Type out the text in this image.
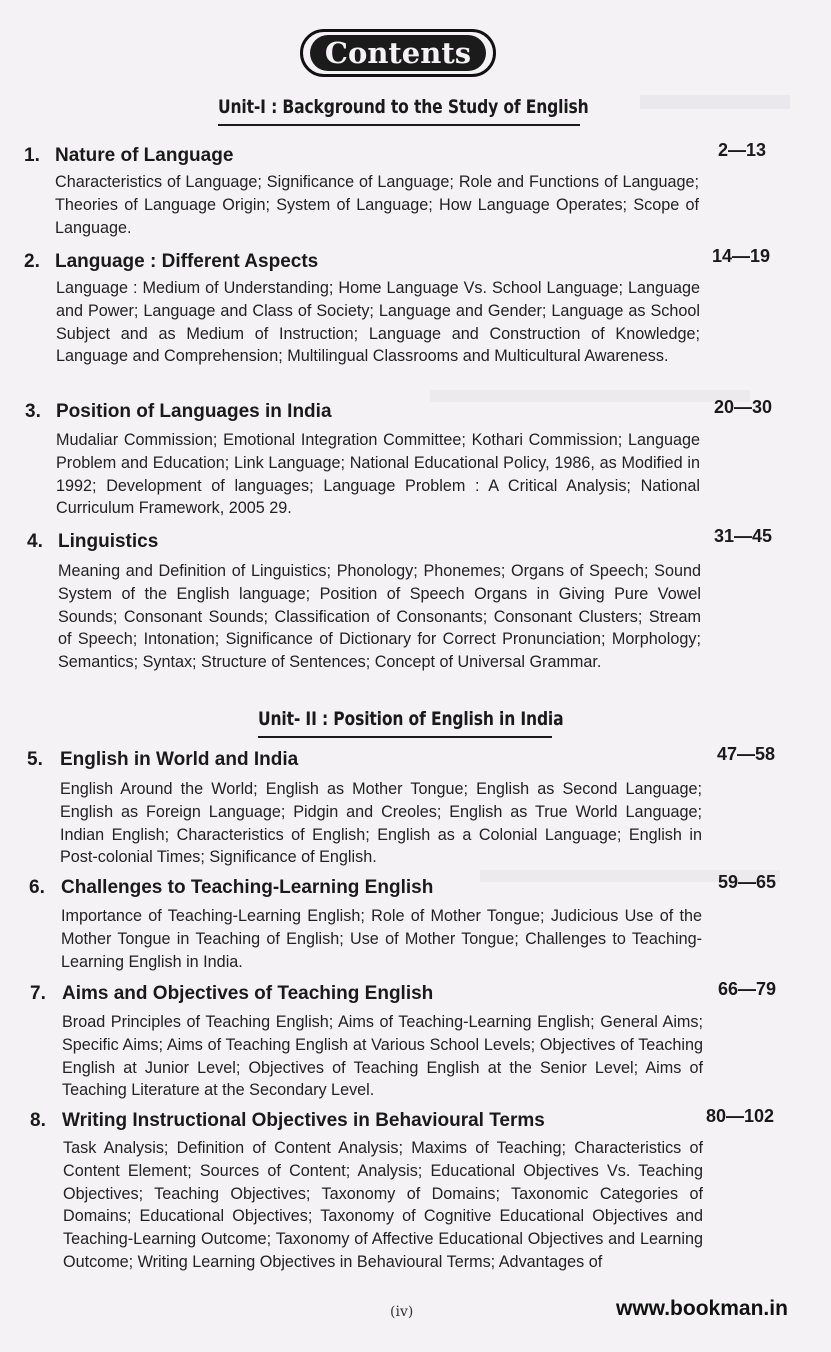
Contents
Unit-I : Background to the Study of English
1. Nature of Language	2—13
Characteristics of Language; Significance of Language; Role and Functions of Language; Theories of Language Origin; System of Language; How Language Operates; Scope of Language.
2. Language : Different Aspects	14—19
Language : Medium of Understanding; Home Language Vs. School Language; Language and Power; Language and Class of Society; Language and Gender; Language as School Subject and as Medium of Instruction; Language and Construction of Knowledge; Language and Comprehension; Multilingual Classrooms and Multicultural Awareness.
3. Position of Languages in India	20—30
Mudaliar Commission; Emotional Integration Committee; Kothari Commission; Language Problem and Education; Link Language; National Educational Policy, 1986, as Modified in 1992; Development of languages; Language Problem : A Critical Analysis; National Curriculum Framework, 2005 29.
4. Linguistics	31—45
Meaning and Definition of Linguistics; Phonology; Phonemes; Organs of Speech; Sound System of the English language; Position of Speech Organs in Giving Pure Vowel Sounds; Consonant Sounds; Classification of Consonants; Consonant Clusters; Stream of Speech; Intonation; Significance of Dictionary for Correct Pronunciation; Morphology; Semantics; Syntax; Structure of Sentences; Concept of Universal Grammar.
Unit- II : Position of English in India
5. English in World and India	47—58
English Around the World; English as Mother Tongue; English as Second Language; English as Foreign Language; Pidgin and Creoles; English as True World Language; Indian English; Characteristics of English; English as a Colonial Language; English in Post-colonial Times; Significance of English.
6. Challenges to Teaching-Learning English	59—65
Importance of Teaching-Learning English; Role of Mother Tongue; Judicious Use of the Mother Tongue in Teaching of English; Use of Mother Tongue; Challenges to Teaching-Learning English in India.
7. Aims and Objectives of Teaching English	66—79
Broad Principles of Teaching English; Aims of Teaching-Learning English; General Aims; Specific Aims; Aims of Teaching English at Various School Levels; Objectives of Teaching English at Junior Level; Objectives of Teaching English at the Senior Level; Aims of Teaching Literature at the Secondary Level.
8. Writing Instructional Objectives in Behavioural Terms	80—102
Task Analysis; Definition of Content Analysis; Maxims of Teaching; Characteristics of Content Element; Sources of Content; Analysis; Educational Objectives Vs. Teaching Objectives; Teaching Objectives; Taxonomy of Domains; Taxonomic Categories of Domains; Educational Objectives; Taxonomy of Cognitive Educational Objectives and Teaching-Learning Outcome; Taxonomy of Affective Educational Objectives and Learning Outcome; Writing Learning Objectives in Behavioural Terms; Advantages of
(iv)	www.bookman.in
